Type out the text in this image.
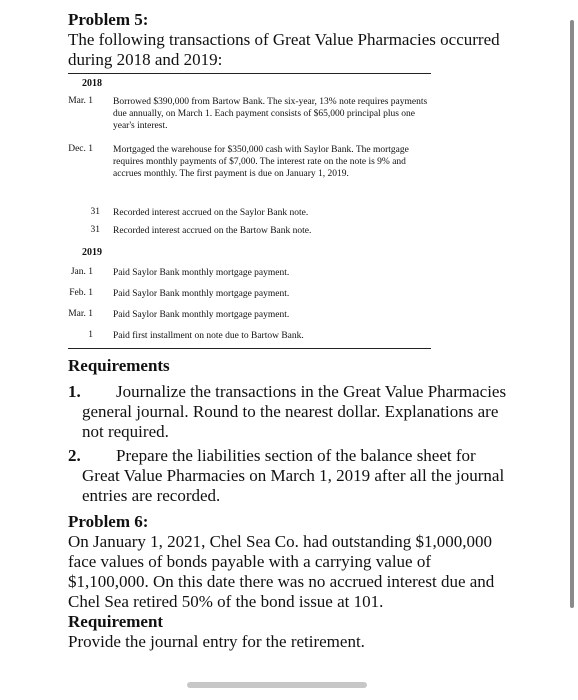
Problem 5:
The following transactions of Great Value Pharmacies occurred during 2018 and 2019:
2018
Mar. 1 Borrowed $390,000 from Bartow Bank. The six-year, 13% note requires payments due annually, on March 1. Each payment consists of $65,000 principal plus one year's interest.
Dec. 1 Mortgaged the warehouse for $350,000 cash with Saylor Bank. The mortgage requires monthly payments of $7,000. The interest rate on the note is 9% and accrues monthly. The first payment is due on January 1, 2019.
31 Recorded interest accrued on the Saylor Bank note.
31 Recorded interest accrued on the Bartow Bank note.
2019
Jan. 1 Paid Saylor Bank monthly mortgage payment.
Feb. 1 Paid Saylor Bank monthly mortgage payment.
Mar. 1 Paid Saylor Bank monthly mortgage payment.
1 Paid first installment on note due to Bartow Bank.
Requirements
1.	Journalize the transactions in the Great Value Pharmacies general journal. Round to the nearest dollar. Explanations are not required.
2.	Prepare the liabilities section of the balance sheet for Great Value Pharmacies on March 1, 2019 after all the journal entries are recorded.
Problem 6:
On January 1, 2021, Chel Sea Co. had outstanding $1,000,000 face values of bonds payable with a carrying value of $1,100,000. On this date there was no accrued interest due and Chel Sea retired 50% of the bond issue at 101.
Requirement
Provide the journal entry for the retirement.
